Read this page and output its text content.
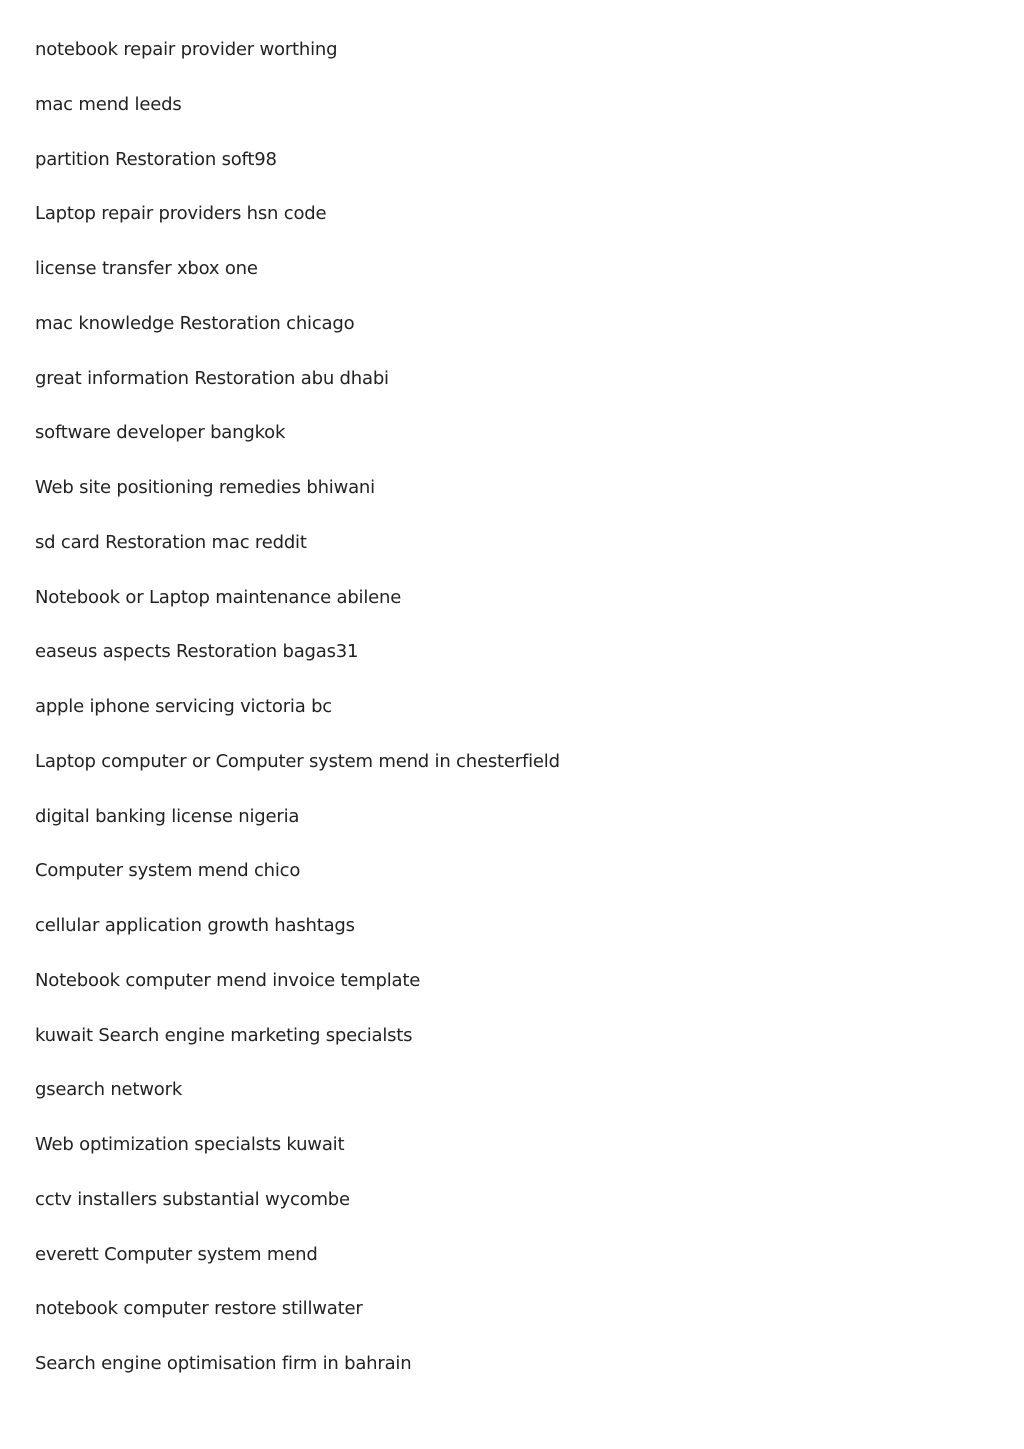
notebook repair provider worthing
mac mend leeds
partition Restoration soft98
Laptop repair providers hsn code
license transfer xbox one
mac knowledge Restoration chicago
great information Restoration abu dhabi
software developer bangkok
Web site positioning remedies bhiwani
sd card Restoration mac reddit
Notebook or Laptop maintenance abilene
easeus aspects Restoration bagas31
apple iphone servicing victoria bc
Laptop computer or Computer system mend in chesterfield
digital banking license nigeria
Computer system mend chico
cellular application growth hashtags
Notebook computer mend invoice template
kuwait Search engine marketing specialsts
gsearch network
Web optimization specialsts kuwait
cctv installers substantial wycombe
everett Computer system mend
notebook computer restore stillwater
Search engine optimisation firm in bahrain
